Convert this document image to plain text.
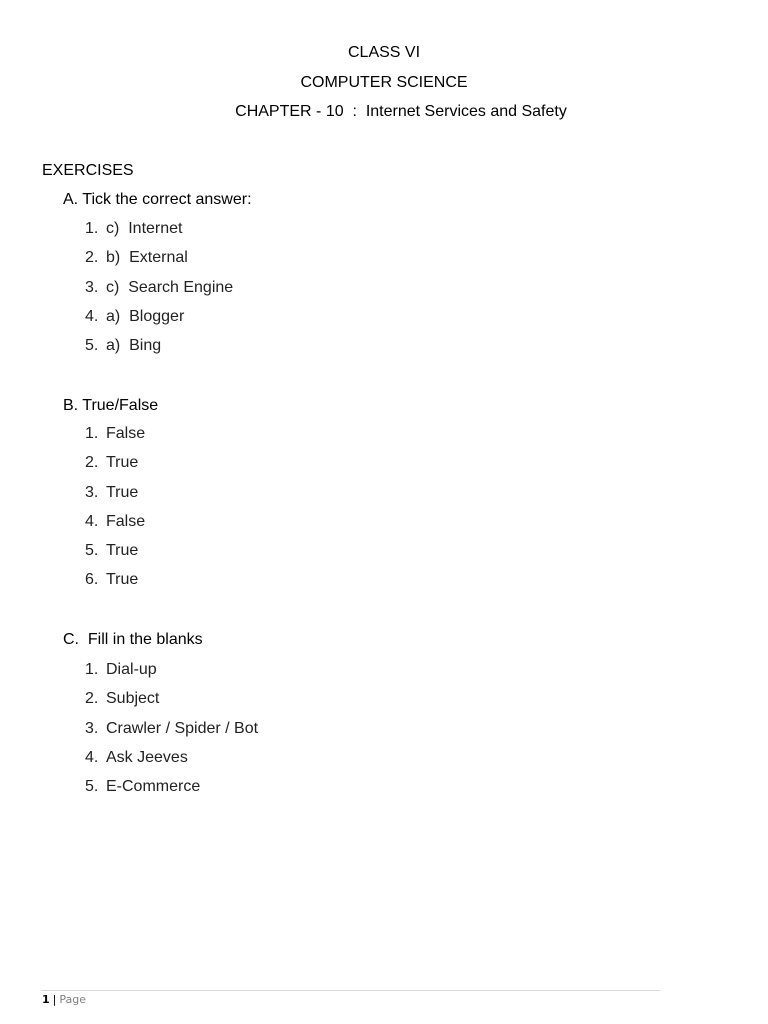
CLASS VI
COMPUTER SCIENCE
CHAPTER - 10  :  Internet Services and Safety
EXERCISES
A. Tick the correct answer:
1. c)  Internet
2. b)  External
3. c)  Search Engine
4. a)  Blogger
5. a)  Bing
B. True/False
1. False
2. True
3. True
4. False
5. True
6. True
C.  Fill in the blanks
1. Dial-up
2. Subject
3. Crawler / Spider / Bot
4. Ask Jeeves
5. E-Commerce
1 | Page
